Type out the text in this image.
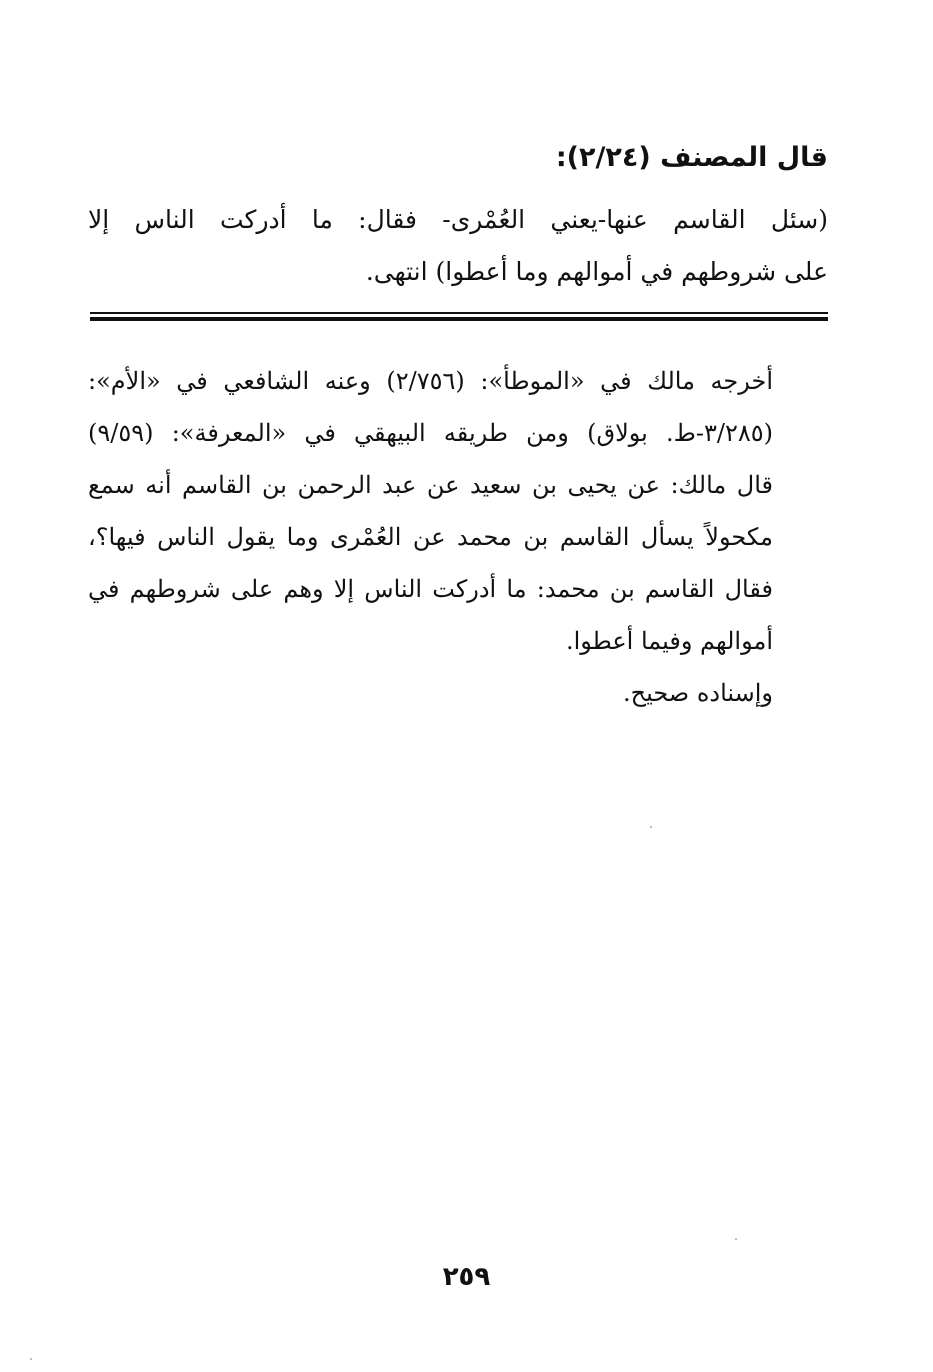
قال المصنف (٢/٢٤):
(سئل القاسم عنها-يعني العُمْرى- فقال: ما أدركت الناس إلا
على شروطهم في أموالهم وما أعطوا) انتهى.
أخرجه مالك في «الموطأ»: (٢/٧٥٦) وعنه الشافعي في «الأم»:
(٣/٢٨٥-ط. بولاق) ومن طريقه البيهقي في «المعرفة»: (٩/٥٩)
قال مالك: عن يحيى بن سعيد عن عبد الرحمن بن القاسم أنه سمع
مكحولاً يسأل القاسم بن محمد عن العُمْرى وما يقول الناس فيها؟،
فقال القاسم بن محمد: ما أدركت الناس إلا وهم على شروطهم في
أموالهم وفيما أعطوا.
وإسناده صحيح.
٢٥٩
